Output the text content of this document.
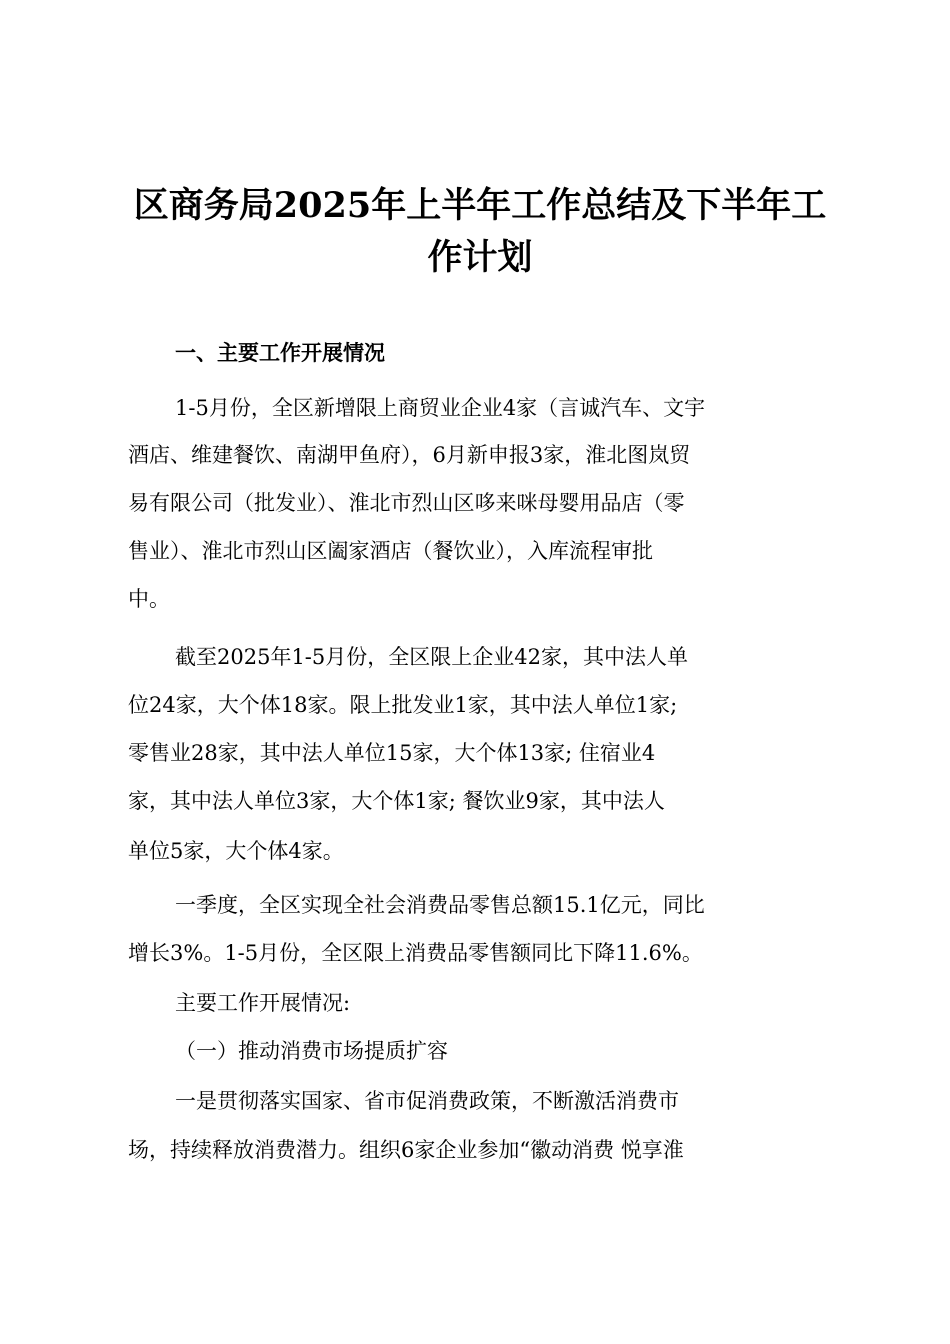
区商务局2025年上半年工作总结及下半年工
作计划
一、主要工作开展情况
1-5月份，全区新增限上商贸业企业4家（言诚汽车、文宇
酒店、维建餐饮、南湖甲鱼府），6月新申报3家，淮北图岚贸
易有限公司（批发业）、淮北市烈山区哆来咪母婴用品店（零
售业）、淮北市烈山区阖家酒店（餐饮业），入库流程审批
中。
截至2025年1-5月份，全区限上企业42家，其中法人单
位24家，大个体18家。限上批发业1家，其中法人单位1家;
零售业28家，其中法人单位15家，大个体13家; 住宿业4
家，其中法人单位3家，大个体1家; 餐饮业9家，其中法人
单位5家，大个体4家。
一季度，全区实现全社会消费品零售总额15.1亿元，同比
增长3%。1-5月份，全区限上消费品零售额同比下降11.6%。
主要工作开展情况:
（一）推动消费市场提质扩容
一是贯彻落实国家、省市促消费政策，不断激活消费市
场，持续释放消费潜力。组织6家企业参加“徽动消费 悦享淮
